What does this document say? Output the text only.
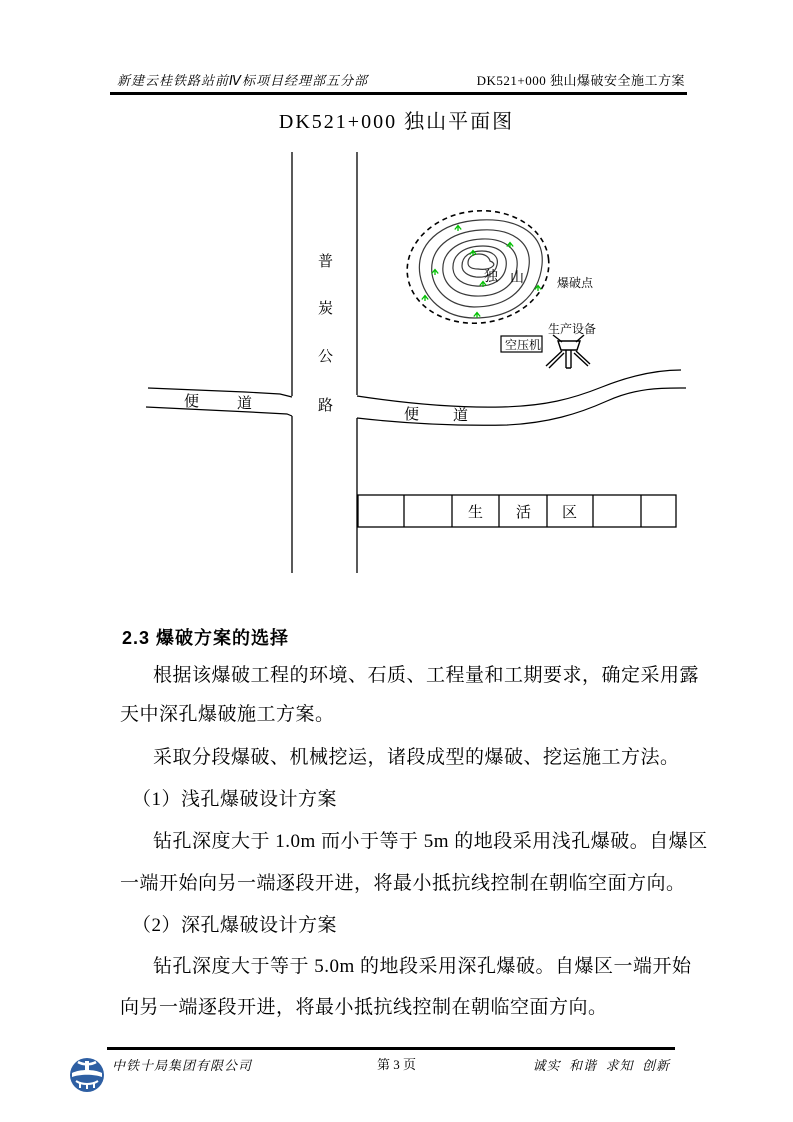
新建云桂铁路站前Ⅳ标项目经理部五分部	DK521+000 独山爆破安全施工方案
DK521+000 独山平面图
普
炭
公
路
便	道
便 道
独 山	爆破点
生产设备
空压机
生 活 区
2.3 爆破方案的选择
根据该爆破工程的环境、石质、工程量和工期要求，确定采用露
天中深孔爆破施工方案。
采取分段爆破、机械挖运，诸段成型的爆破、挖运施工方法。
（1）浅孔爆破设计方案
钻孔深度大于 1.0m 而小于等于 5m 的地段采用浅孔爆破。自爆区
一端开始向另一端逐段开进，将最小抵抗线控制在朝临空面方向。
（2）深孔爆破设计方案
钻孔深度大于等于 5.0m 的地段采用深孔爆破。自爆区一端开始
向另一端逐段开进，将最小抵抗线控制在朝临空面方向。
中铁十局集团有限公司	第 3 页	诚实  和谐  求知  创新
